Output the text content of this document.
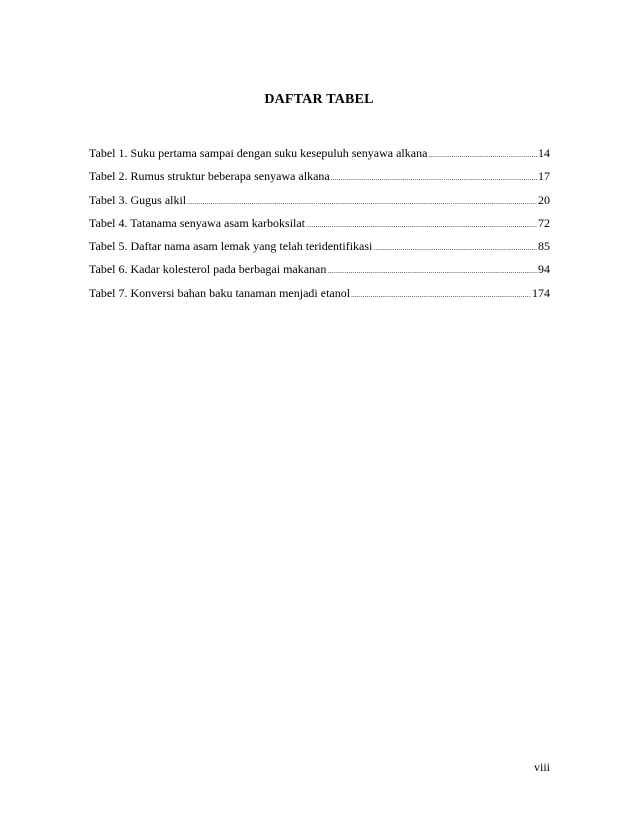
DAFTAR TABEL
Tabel 1. Suku pertama sampai dengan suku kesepuluh senyawa alkana .....	14
Tabel 2. Rumus struktur beberapa senyawa alkana .....	17
Tabel 3. Gugus alkil .....	20
Tabel 4. Tatanama senyawa asam karboksilat .....	72
Tabel 5. Daftar nama asam lemak yang telah teridentifikasi .....	85
Tabel 6. Kadar kolesterol pada berbagai makanan .....	94
Tabel 7. Konversi bahan baku tanaman menjadi etanol .....	174
viii
